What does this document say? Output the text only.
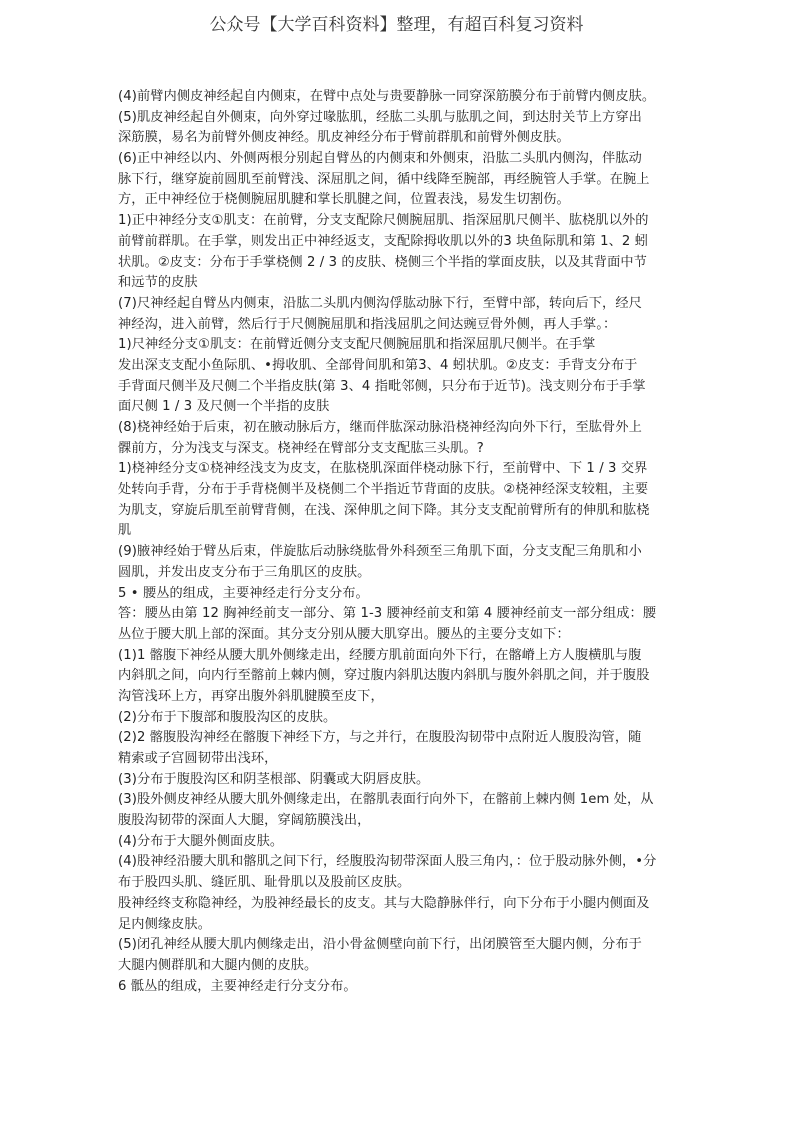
公众号【大学百科资料】整理，有超百科复习资料
(4)前臂内侧皮神经起自内侧束，在臂中点处与贵要静脉一同穿深筋膜分布于前臂内侧皮肤。
(5)肌皮神经起自外侧束，向外穿过喙肱肌，经肱二头肌与肱肌之间，到达肘关节上方穿出
深筋膜，易名为前臂外侧皮神经。肌皮神经分布于臂前群肌和前臂外侧皮肤。
(6)正中神经以内、外侧两根分别起自臂丛的内侧束和外侧束，沿肱二头肌内侧沟，伴肱动
脉下行，继穿旋前圆肌至前臂浅、深屈肌之间，循中线降至腕部，再经腕管人手掌。在腕上
方，正中神经位于桡侧腕屈肌腱和掌长肌腱之间，位置表浅，易发生切割伤。
1)正中神经分支①肌支：在前臂，分支支配除尺侧腕屈肌、指深屈肌尺侧半、肱桡肌以外的
前臂前群肌。在手掌，则发出正中神经返支，支配除拇收肌以外的3 块鱼际肌和第 1、2 蚓
状肌。②皮支：分布于手掌桡侧 2 / 3 的皮肤、桡侧三个半指的掌面皮肤，以及其背面中节
和远节的皮肤
(7)尺神经起自臂丛内侧束，沿肱二头肌内侧沟俘肱动脉下行，至臂中部，转向后下，经尺
神经沟，进入前臂，然后行于尺侧腕屈肌和指浅屈肌之间达豌豆骨外侧，再人手掌。：
1)尺神经分支①肌支：在前臂近侧分支支配尺侧腕屈肌和指深屈肌尺侧半。在手掌
发出深支支配小鱼际肌、•拇收肌、全部骨间肌和第3、4 蚓状肌。②皮支：手背支分布于
手背面尺侧半及尺侧二个半指皮肤(第 3、4 指毗邻侧，只分布于近节)。浅支则分布于手掌
面尺侧 1 / 3 及尺侧一个半指的皮肤
(8)桡神经始于后束，初在腋动脉后方，继而伴肱深动脉沿桡神经沟向外下行，至肱骨外上
髁前方，分为浅支与深支。桡神经在臂部分支支配肱三头肌。?
1)桡神经分支①桡神经浅支为皮支，在肱桡肌深面伴桡动脉下行，至前臂中、下 1 / 3 交界
处转向手背，分布于手背桡侧半及桡侧二个半指近节背面的皮肤。②桡神经深支较粗，主要
为肌支，穿旋后肌至前臂背侧，在浅、深伸肌之间下降。其分支支配前臂所有的伸肌和肱桡
肌
(9)腋神经始于臂丛后束，伴旋肱后动脉绕肱骨外科颈至三角肌下面，分支支配三角肌和小
圆肌，并发出皮支分布于三角肌区的皮肤。
5 • 腰丛的组成，主要神经走行分支分布。
答：腰丛由第 12 胸神经前支一部分、第 1-3 腰神经前支和第 4 腰神经前支一部分组成：腰
丛位于腰大肌上部的深面。其分支分别从腰大肌穿出。腰丛的主要分支如下：
(1)1 髂腹下神经从腰大肌外侧缘走出，经腰方肌前面向外下行，在髂嵴上方人腹横肌与腹
内斜肌之间，向内行至髂前上棘内侧，穿过腹内斜肌达腹内斜肌与腹外斜肌之间，并于腹股
沟管浅环上方，再穿出腹外斜肌腱膜至皮下，
(2)分布于下腹部和腹股沟区的皮肤。
(2)2 髂腹股沟神经在髂腹下神经下方，与之并行，在腹股沟韧带中点附近人腹股沟管，随
精索或子宫圆韧带出浅环，
(3)分布于腹股沟区和阴茎根部、阴囊或大阴唇皮肤。
(3)股外侧皮神经从腰大肌外侧缘走出，在髂肌表面行向外下，在髂前上棘内侧 1em 处，从
腹股沟韧带的深面人大腿，穿阔筋膜浅出，
(4)分布于大腿外侧面皮肤。
(4)股神经沿腰大肌和髂肌之间下行，经腹股沟韧带深面人股三角内，：位于股动脉外侧，•分
布于股四头肌、缝匠肌、耻骨肌以及股前区皮肤。
股神经终支称隐神经，为股神经最长的皮支。其与大隐静脉伴行，向下分布于小腿内侧面及
足内侧缘皮肤。
(5)闭孔神经从腰大肌内侧缘走出，沿小骨盆侧壁向前下行，出闭膜管至大腿内侧，分布于
大腿内侧群肌和大腿内侧的皮肤。
6 骶丛的组成，主要神经走行分支分布。
